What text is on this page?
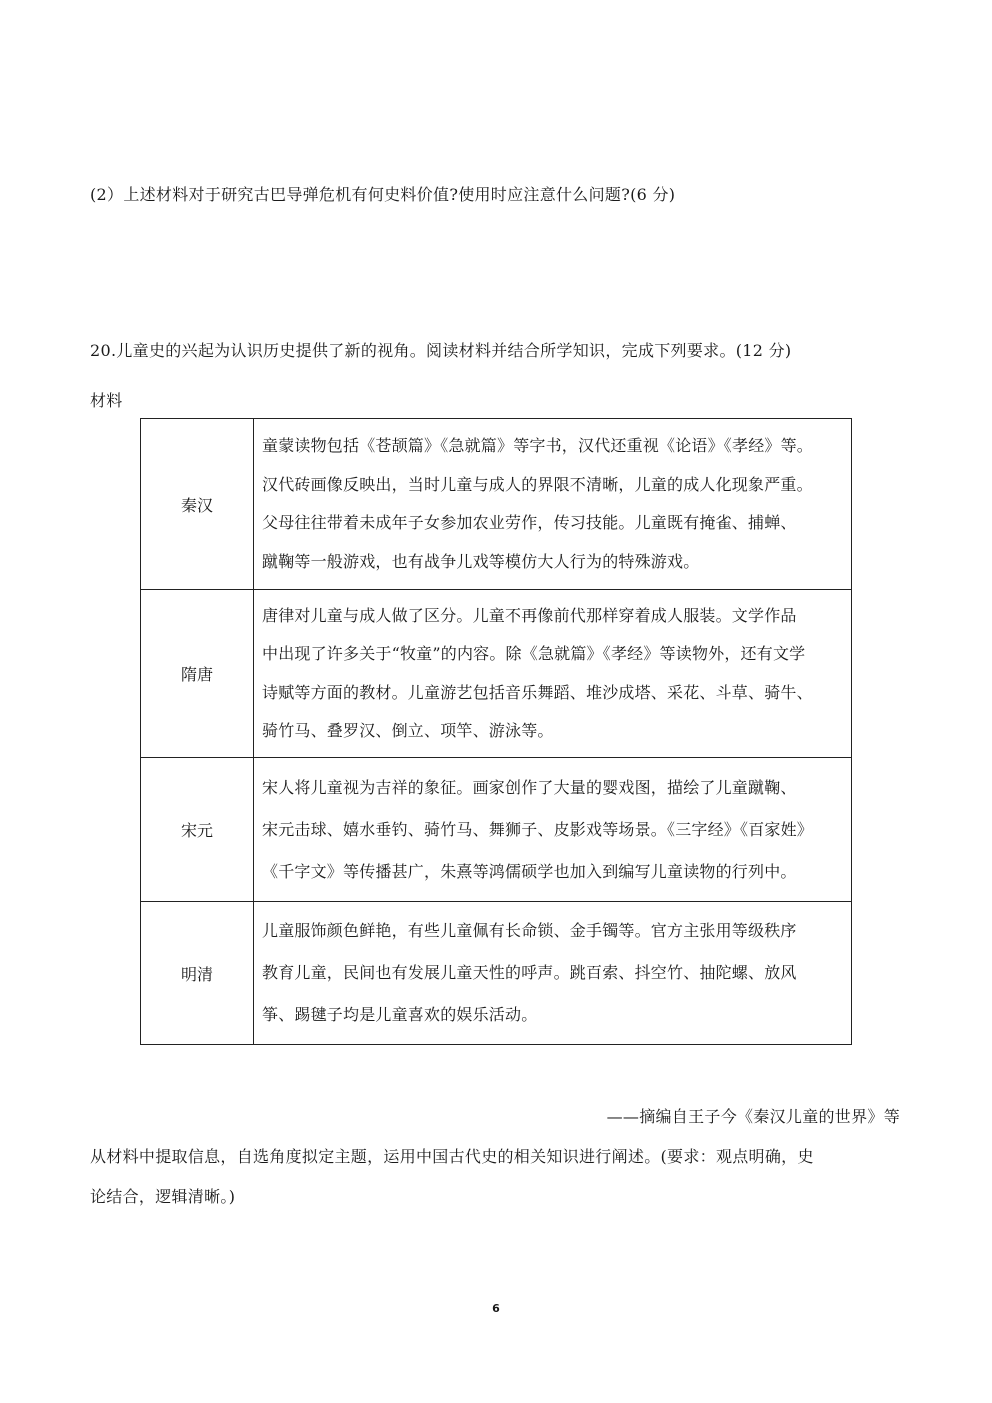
(2）上述材料对于研究古巴导弹危机有何史料价值?使用时应注意什么问题?(6 分)
20.儿童史的兴起为认识历史提供了新的视角。阅读材料并结合所学知识，完成下列要求。(12 分)
材料
秦汉	童蒙读物包括《苍颉篇》《急就篇》等字书，汉代还重视《论语》《孝经》等。
汉代砖画像反映出，当时儿童与成人的界限不清晰，儿童的成人化现象严重。
父母往往带着未成年子女参加农业劳作，传习技能。儿童既有掩雀、捕蝉、
蹴鞠等一般游戏，也有战争儿戏等模仿大人行为的特殊游戏。

隋唐	唐律对儿童与成人做了区分。儿童不再像前代那样穿着成人服装。文学作品
中出现了许多关于“牧童”的内容。除《急就篇》《孝经》等读物外，还有文学
诗赋等方面的教材。儿童游艺包括音乐舞蹈、堆沙成塔、采花、斗草、骑牛、
骑竹马、叠罗汉、倒立、项竿、游泳等。

宋元	宋人将儿童视为吉祥的象征。画家创作了大量的婴戏图，描绘了儿童蹴鞠、
宋元击球、嬉水垂钓、骑竹马、舞狮子、皮影戏等场景。《三字经》《百家姓》
《千字文》等传播甚广，朱熹等鸿儒硕学也加入到编写儿童读物的行列中。

明清	儿童服饰颜色鲜艳，有些儿童佩有长命锁、金手镯等。官方主张用等级秩序
教育儿童，民间也有发展儿童天性的呼声。跳百索、抖空竹、抽陀螺、放风
筝、踢毽子均是儿童喜欢的娱乐活动。
——摘编自王子今《秦汉儿童的世界》等
从材料中提取信息，自选角度拟定主题，运用中国古代史的相关知识进行阐述。(要求：观点明确，史
论结合，逻辑清晰。)
6
